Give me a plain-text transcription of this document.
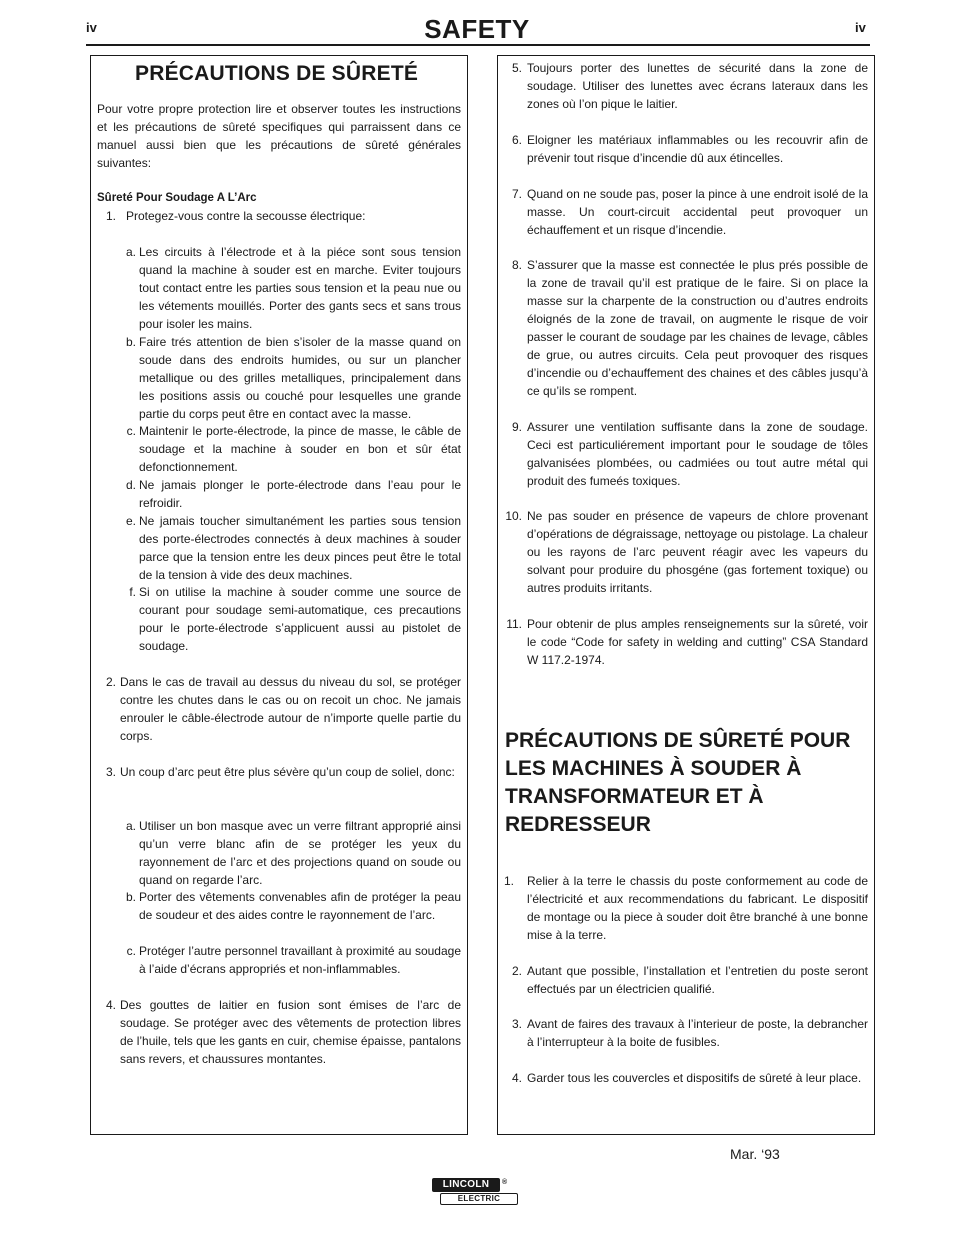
iv	SAFETY	iv
PRÉCAUTIONS DE SÛRETÉ
Pour votre propre protection lire et observer toutes les instructions et les précautions de sûreté specifiques qui parraissent dans ce manuel aussi bien que les précautions de sûreté générales suivantes:
Sûreté Pour Soudage A L’Arc
1. Protegez-vous contre la secousse électrique:
a. Les circuits à l’électrode et à la piéce sont sous tension quand la machine à souder est en marche. Eviter toujours tout contact entre les parties sous tension et la peau nue ou les vétements mouillés. Porter des gants secs et sans trous pour isoler les mains.
b. Faire trés attention de bien s’isoler de la masse quand on soude dans des endroits humides, ou sur un plancher metallique ou des grilles metalliques, principalement dans les positions assis ou couché pour lesquelles une grande partie du corps peut être en contact avec la masse.
c. Maintenir le porte-électrode, la pince de masse, le câble de soudage et la machine à souder en bon et sûr état defonctionnement.
d. Ne jamais plonger le porte-électrode dans l’eau pour le refroidir.
e. Ne jamais toucher simultanément les parties sous tension des porte-électrodes connectés à deux machines à souder parce que la tension entre les deux pinces peut être le total de la tension à vide des deux machines.
f. Si on utilise la machine à souder comme une source de courant pour soudage semi-automatique, ces precautions pour le porte-électrode s’applicuent aussi au pistolet de soudage.
2. Dans le cas de travail au dessus du niveau du sol, se protéger contre les chutes dans le cas ou on recoit un choc. Ne jamais enrouler le câble-électrode autour de n’importe quelle partie du corps.
3. Un coup d’arc peut être plus sévère qu’un coup de soliel, donc:
a. Utiliser un bon masque avec un verre filtrant approprié ainsi qu’un verre blanc afin de se protéger les yeux du rayonnement de l’arc et des projections quand on soude ou quand on regarde l’arc.
b. Porter des vêtements convenables afin de protéger la peau de soudeur et des aides contre le rayonnement de l’arc.
c. Protéger l’autre personnel travaillant à proximité au soudage à l’aide d’écrans appropriés et non-inflammables.
4. Des gouttes de laitier en fusion sont émises de l’arc de soudage. Se protéger avec des vêtements de protection libres de l’huile, tels que les gants en cuir, chemise épaisse, pantalons sans revers, et chaussures montantes.
5. Toujours porter des lunettes de sécurité dans la zone de soudage. Utiliser des lunettes avec écrans lateraux dans les zones où l’on pique le laitier.
6. Eloigner les matériaux inflammables ou les recouvrir afin de prévenir tout risque d’incendie dû aux étincelles.
7. Quand on ne soude pas, poser la pince à une endroit isolé de la masse. Un court-circuit accidental peut provoquer un échauffement et un risque d’incendie.
8. S’assurer que la masse est connectée le plus prés possible de la zone de travail qu’il est pratique de le faire. Si on place la masse sur la charpente de la construction ou d’autres endroits éloignés de la zone de travail, on augmente le risque de voir passer le courant de soudage par les chaines de levage, câbles de grue, ou autres circuits. Cela peut provoquer des risques d’incendie ou d’echauffement des chaines et des câbles jusqu’à ce qu’ils se rompent.
9. Assurer une ventilation suffisante dans la zone de soudage. Ceci est particuliérement important pour le soudage de tôles galvanisées plombées, ou cadmiées ou tout autre métal qui produit des fumeés toxiques.
10. Ne pas souder en présence de vapeurs de chlore provenant d’opérations de dégraissage, nettoyage ou pistolage. La chaleur ou les rayons de l’arc peuvent réagir avec les vapeurs du solvant pour produire du phosgéne (gas fortement toxique) ou autres produits irritants.
11. Pour obtenir de plus amples renseignements sur la sûreté, voir le code “Code for safety in welding and cutting” CSA Standard W 117.2-1974.
PRÉCAUTIONS DE SÛRETÉ POUR LES MACHINES À SOUDER À TRANSFORMATEUR ET À REDRESSEUR
1. Relier à la terre le chassis du poste conformement au code de l’électricité et aux recommendations du fabricant. Le dispositif de montage ou la piece à souder doit être branché à une bonne mise à la terre.
2. Autant que possible, l’installation et l’entretien du poste seront effectués par un électricien qualifié.
3. Avant de faires des travaux à l’interieur de poste, la debrancher à l’interrupteur à la boite de fusibles.
4. Garder tous les couvercles et dispositifs de sûreté à leur place.
Mar. ‘93
LINCOLN	®
ELECTRIC
